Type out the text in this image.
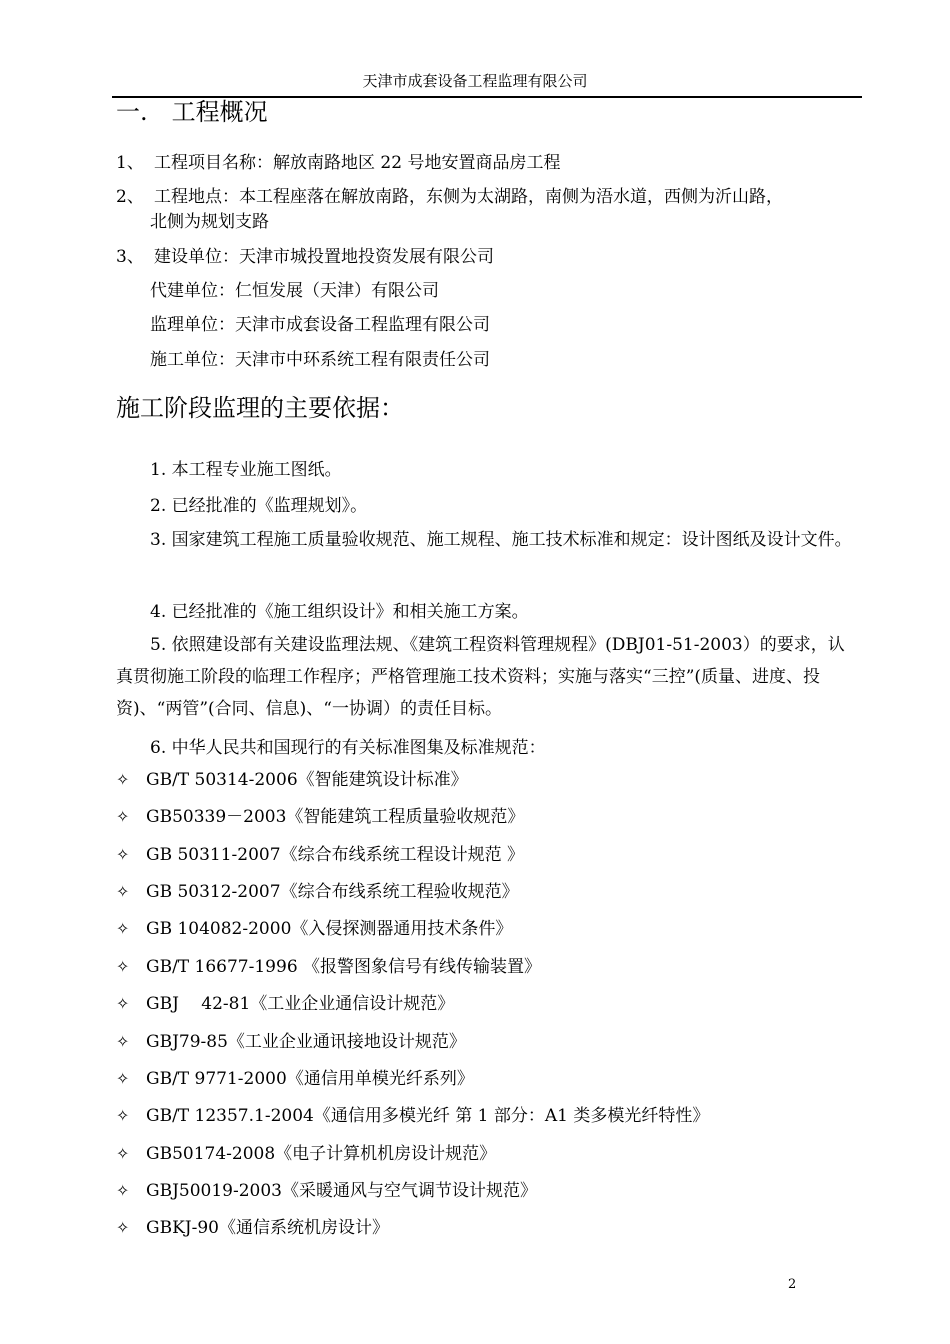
天津市成套设备工程监理有限公司
一.　工程概况
1、 工程项目名称：解放南路地区 22 号地安置商品房工程
2、 工程地点：本工程座落在解放南路，东侧为太湖路，南侧为浯水道，西侧为沂山路，
北侧为规划支路
3、 建设单位：天津市城投置地投资发展有限公司
代建单位：仁恒发展（天津）有限公司
监理单位：天津市成套设备工程监理有限公司
施工单位：天津市中环系统工程有限责任公司
施工阶段监理的主要依据：
1. 本工程专业施工图纸。
2. 已经批准的《监理规划》。
3. 国家建筑工程施工质量验收规范、施工规程、施工技术标准和规定：设计图纸及设计文件。
4. 已经批准的《施工组织设计》和相关施工方案。
5. 依照建设部有关建设监理法规、《建筑工程资料管理规程》(DBJ01-51-2003）的要求，认真贯彻施工阶段的临理工作程序；严格管理施工技术资料；实施与落实“三控”(质量、进度、投资)、“两管”(合同、信息)、“一协调）的责任目标。
6. 中华人民共和国现行的有关标准图集及标准规范：
✧ GB/T 50314-2006《智能建筑设计标准》
✧ GB50339－2003《智能建筑工程质量验收规范》
✧ GB 50311-2007《综合布线系统工程设计规范 》
✧ GB 50312-2007《综合布线系统工程验收规范》
✧ GB 104082-2000《入侵探测器通用技术条件》
✧ GB/T 16677-1996 《报警图象信号有线传输装置》
✧ GBJ　 42-81《工业企业通信设计规范》
✧ GBJ79-85《工业企业通讯接地设计规范》
✧ GB/T 9771-2000《通信用单模光纤系列》
✧ GB/T 12357.1-2004《通信用多模光纤 第 1 部分：A1 类多模光纤特性》
✧ GB50174-2008《电子计算机机房设计规范》
✧ GBJ50019-2003《采暖通风与空气调节设计规范》
✧ GBKJ-90《通信系统机房设计》
2
